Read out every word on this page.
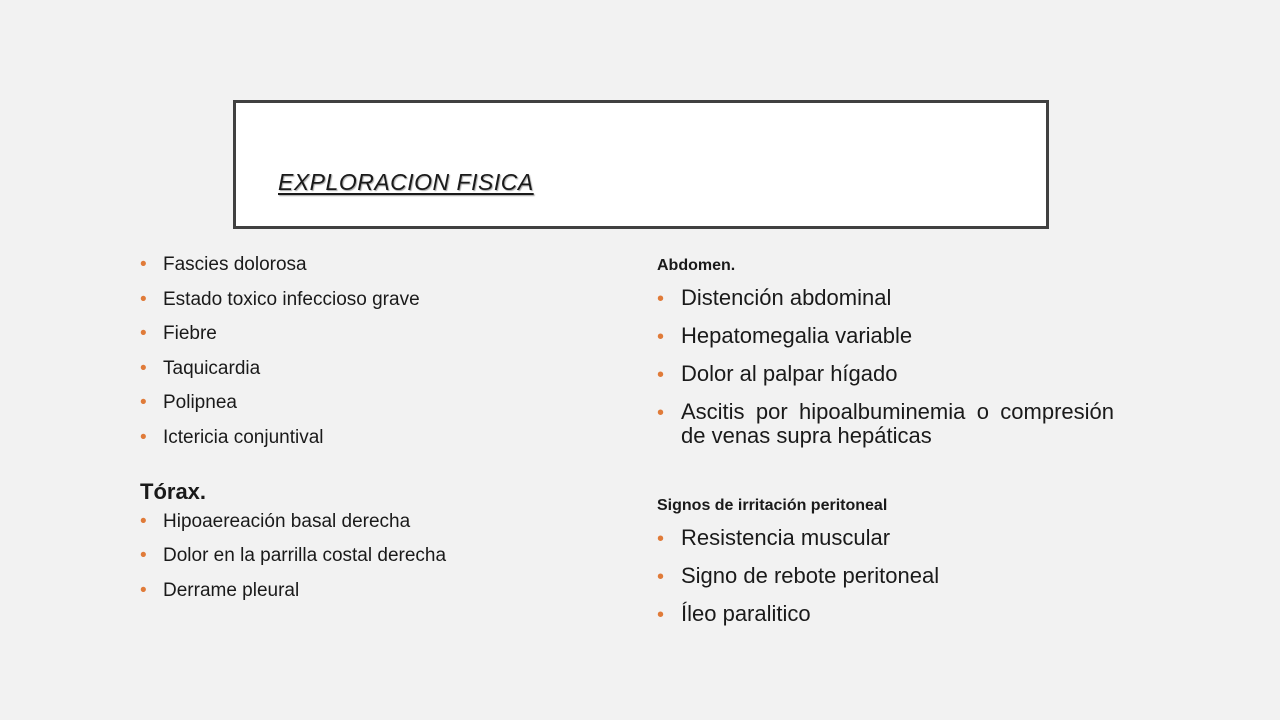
EXPLORACION FISICA
• Fascies dolorosa
• Estado toxico infeccioso grave
• Fiebre
• Taquicardia
• Polipnea
• Ictericia conjuntival
Tórax.
• Hipoaereación basal derecha
• Dolor en la parrilla costal derecha
• Derrame pleural
Abdomen.
• Distención abdominal
• Hepatomegalia variable
• Dolor al palpar hígado
• Ascitis por hipoalbuminemia o compresión de venas supra hepáticas
Signos de irritación peritoneal
• Resistencia muscular
• Signo de rebote peritoneal
• Íleo paralitico
